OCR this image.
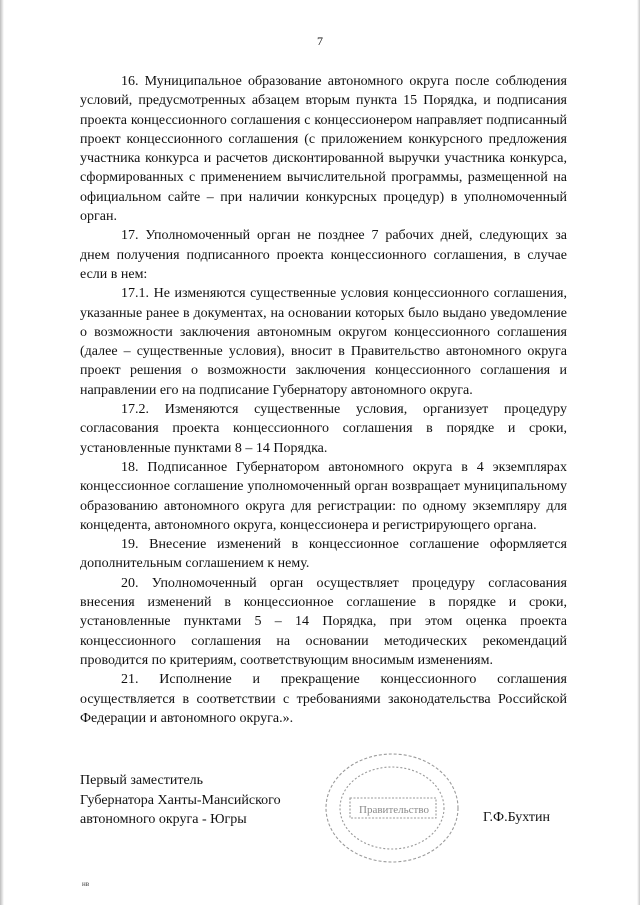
7

16. Муниципальное образование автономного округа после соблюдения условий, предусмотренных абзацем вторым пункта 15 Порядка, и подписания проекта концессионного соглашения с концессионером направляет подписанный проект концессионного соглашения (с приложением конкурсного предложения участника конкурса и расчетов дисконтированной выручки участника конкурса, сформированных с применением вычислительной программы, размещенной на официальном сайте – при наличии конкурсных процедур) в уполномоченный орган.

17. Уполномоченный орган не позднее 7 рабочих дней, следующих за днем получения подписанного проекта концессионного соглашения, в случае если в нем:

17.1. Не изменяются существенные условия концессионного соглашения, указанные ранее в документах, на основании которых было выдано уведомление о возможности заключения автономным округом концессионного соглашения (далее – существенные условия), вносит в Правительство автономного округа проект решения о возможности заключения концессионного соглашения и направлении его на подписание Губернатору автономного округа.

17.2. Изменяются существенные условия, организует процедуру согласования проекта концессионного соглашения в порядке и сроки, установленные пунктами 8 – 14 Порядка.

18. Подписанное Губернатором автономного округа в 4 экземплярах концессионное соглашение уполномоченный орган возвращает муниципальному образованию автономного округа для регистрации: по одному экземпляру для концедента, автономного округа, концессионера и регистрирующего органа.

19. Внесение изменений в концессионное соглашение оформляется дополнительным соглашением к нему.

20. Уполномоченный орган осуществляет процедуру согласования внесения изменений в концессионное соглашение в порядке и сроки, установленные пунктами 5 – 14 Порядка, при этом оценка проекта концессионного соглашения на основании методических рекомендаций проводится по критериям, соответствующим вносимым изменениям.

21. Исполнение и прекращение концессионного соглашения осуществляется в соответствии с требованиями законодательства Российской Федерации и автономного округа.».

Первый заместитель
Губернатора Ханты-Мансийского
автономного округа - Югры
Правительство	Г.Ф.Бухтин
нв
